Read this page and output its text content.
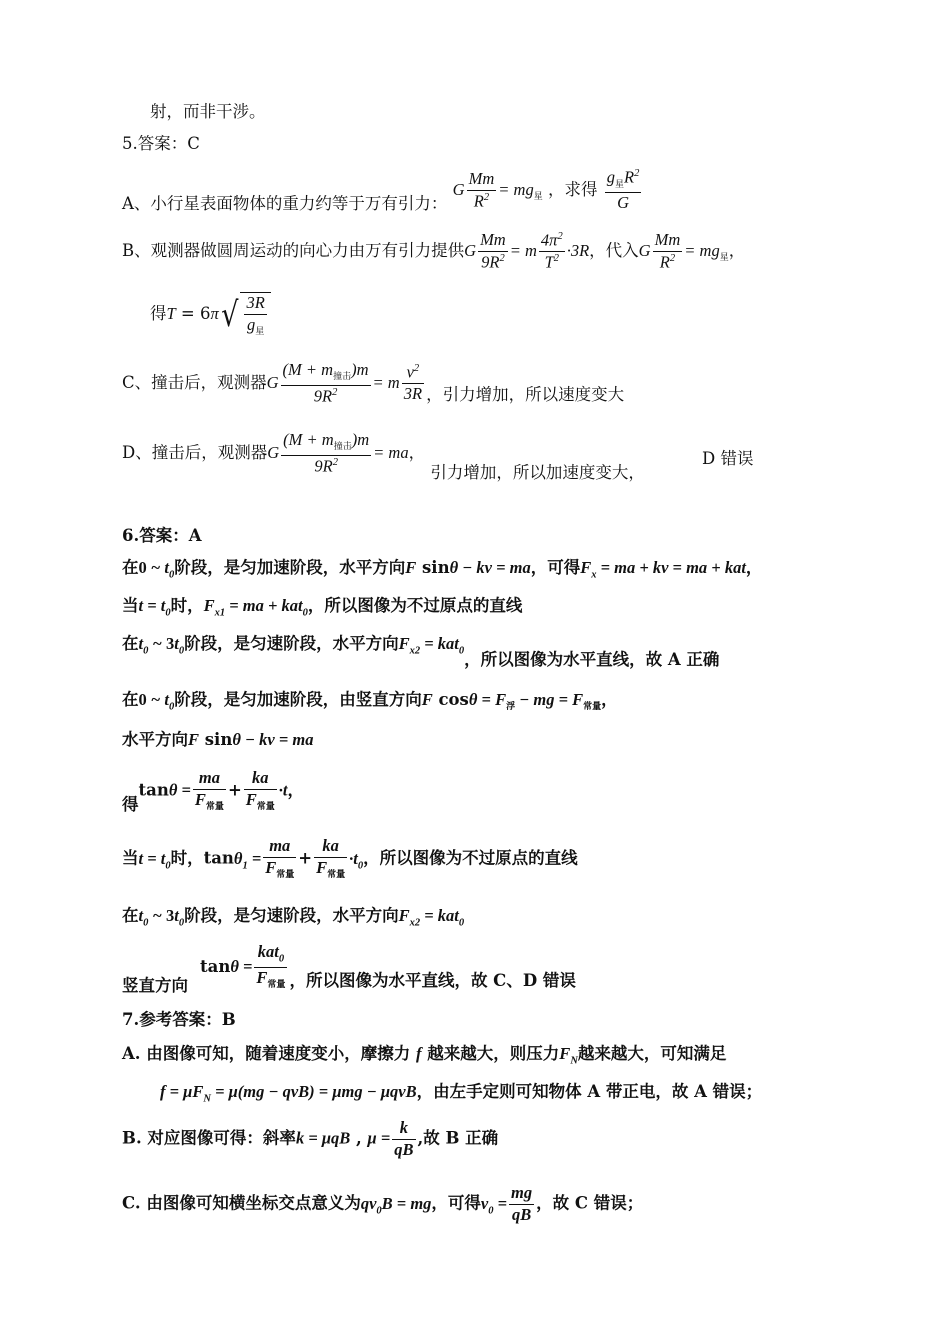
射，而非干涉。
5.答案：C
A、小行星表面物体的重力约等于万有引力： G $\frac{Mm}{R^2} = mg_星$ ，求得 $\frac{g_星R^2}{G}$
B、观测器做圆周运动的向心力由万有引力提供G $\frac{Mm}{9R^2} = m \frac{4\pi^2}{T^2} \cdot 3R$，代入G $\frac{Mm}{R^2} = mg_星$，
得$T = 6\pi√ \frac{3R}{g_星}$
C、撞击后，观测器G $\frac{(M + m_{撞击})m}{9R^2} = m \frac{v^2}{3R}$ ，引力增加，所以速度变大
D、撞击后，观测器G $\frac{(M + m_{撞击})m}{9R^2}$ = ma， 引力增加，所以加速度变大，
D 错误
6.答案：A
在0 ~ $t_0$阶段，是匀加速阶段，水平方向F sinθ − kv = ma，可得$F_x$ = ma + kv = ma + kat，
当$t = t_0$时，$F_{x1}$ = ma + kat$_0$，所以图像为不过原点的直线
在$t_0$ ~ $3t_0$阶段，是匀速阶段，水平方向$F_{x2} = kat_0$，所以图像为水平直线，故 A 正确
在0 ~ $t_0$阶段，是匀加速阶段，由竖直方向F $\cos\theta = F_浮$ − mg = $F_{常量}$，
水平方向F sinθ − kv = ma
得$\tan\theta = \frac{ma}{F_{常量}} + \frac{ka}{F_{常量}} \cdot t$，
当$t = t_0$时，$\tan\theta_1 = \frac{ma}{F_{常量}} + \frac{ka}{F_{常量}} \cdot t_0$，所以图像为不过原点的直线
在$t_0$ ~ $3t_0$阶段，是匀速阶段，水平方向$F_{x2} = kat_0$
$\tan\theta = \frac{kat_0}{F_{常量}}$ ，所以图像为水平直线，故 C、D 错误
竖直方向
7.参考答案：B
A. 由图像可知，随着速度变小，摩擦力 f 越来越大，则压力$F_N$越来越大，可知满足
$f = \mu F_N = \mu(mg - qvB) = \mu mg - \mu qvB$，由左手定则可知物体 A 带正电，故 A 错误；
B. 对应图像可得：斜率k = μqB , $\mu = \frac{k}{qB}$ ,故 B 正确
C. 由图像可知横坐标交点意义为$qv_0B$ = mg，可得$v_0 = \frac{mg}{qB}$ ，故 C 错误；
